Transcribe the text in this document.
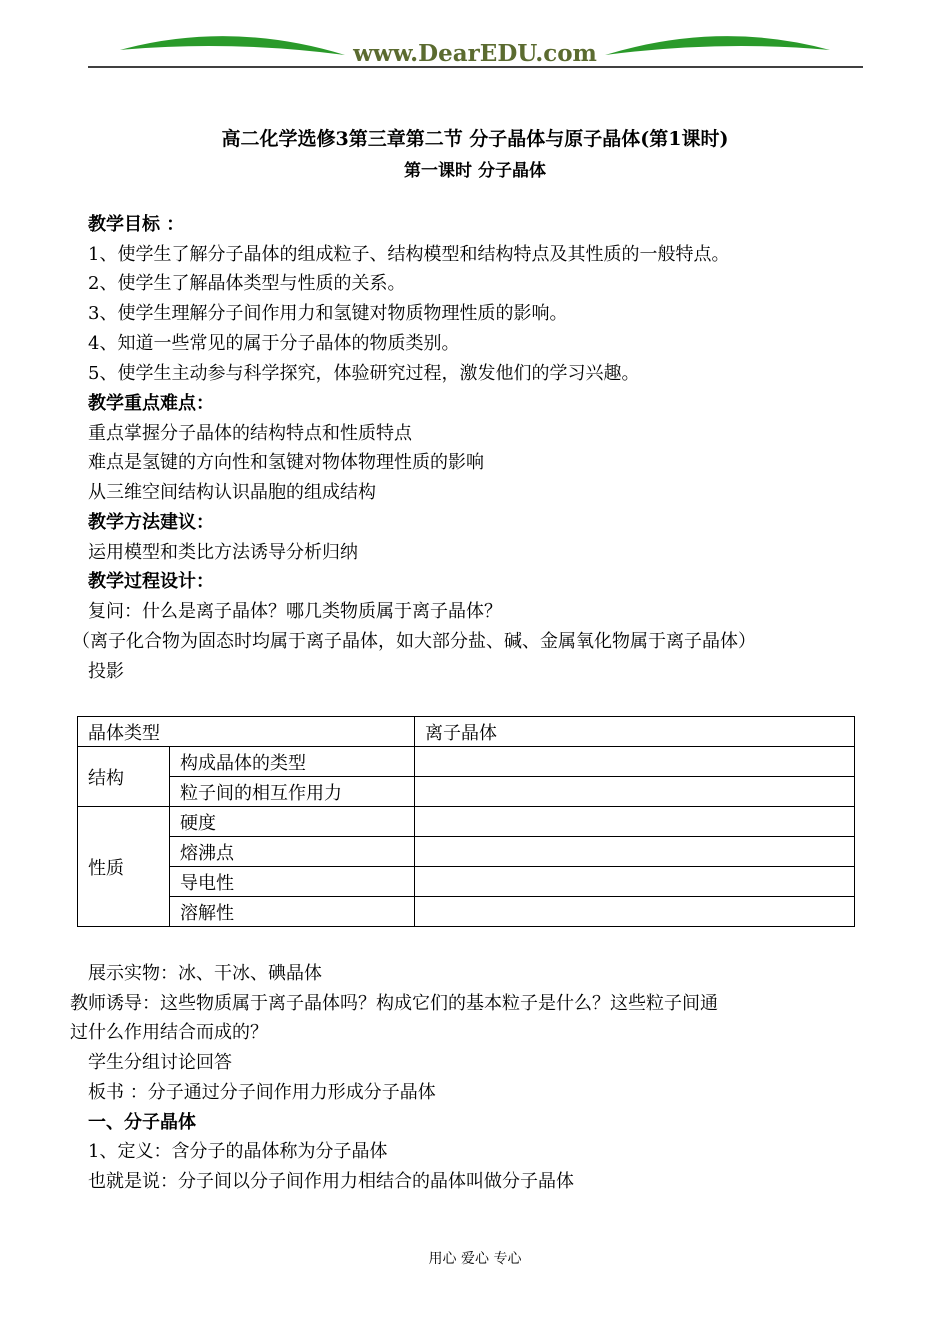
www.DearEDU.com
高二化学选修3第三章第二节 分子晶体与原子晶体(第1课时)
第一课时 分子晶体
教学目标 ：
1、使学生了解分子晶体的组成粒子、结构模型和结构特点及其性质的一般特点。
2、使学生了解晶体类型与性质的关系。
3、使学生理解分子间作用力和氢键对物质物理性质的影响。
4、知道一些常见的属于分子晶体的物质类别。
5、使学生主动参与科学探究，体验研究过程，激发他们的学习兴趣。
教学重点难点：
重点掌握分子晶体的结构特点和性质特点
难点是氢键的方向性和氢键对物体物理性质的影响
从三维空间结构认识晶胞的组成结构
教学方法建议：
运用模型和类比方法诱导分析归纳
教学过程设计：
复问：什么是离子晶体？哪几类物质属于离子晶体？
（离子化合物为固态时均属于离子晶体，如大部分盐、碱、金属氧化物属于离子晶体）
投影
晶体类型		离子晶体
结构	构成晶体的类型	
	粒子间的相互作用力	
性质	硬度	
	熔沸点	
	导电性	
	溶解性	
展示实物：冰、干冰、碘晶体
教师诱导：这些物质属于离子晶体吗？构成它们的基本粒子是什么？这些粒子间通
过什么作用结合而成的？
学生分组讨论回答
板书 ：分子通过分子间作用力形成分子晶体
一、分子晶体
1、定义：含分子的晶体称为分子晶体
也就是说：分子间以分子间作用力相结合的晶体叫做分子晶体
用心 爱心 专心
